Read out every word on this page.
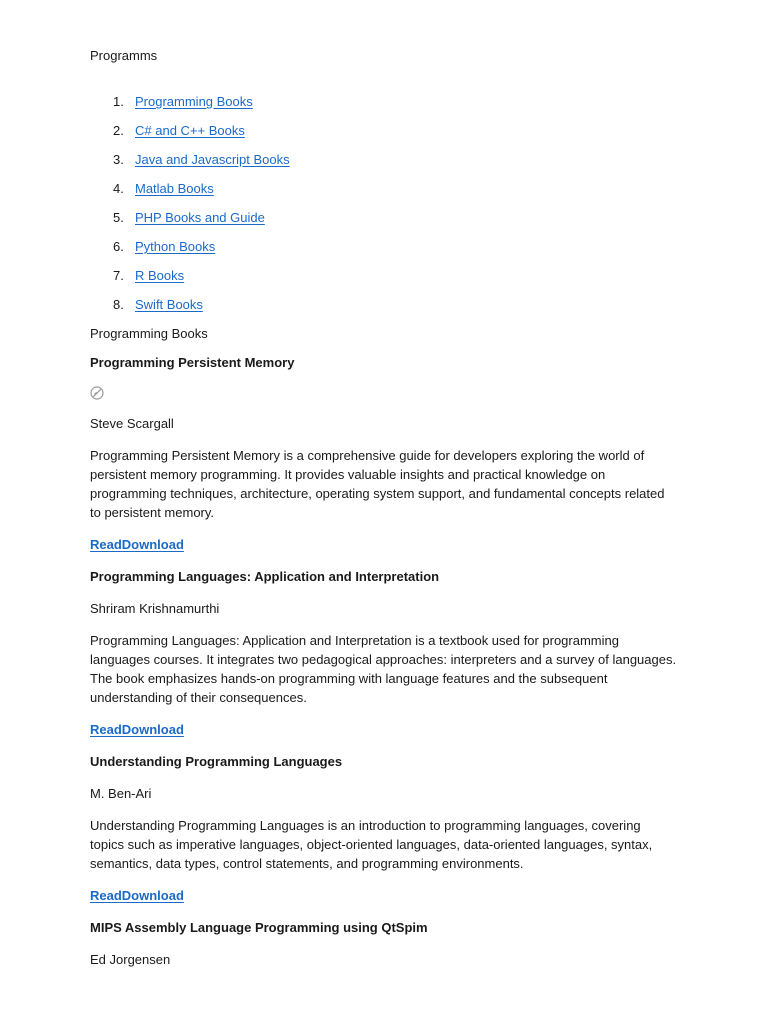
Programms

1. Programming Books
2. C# and C++ Books
3. Java and Javascript Books
4. Matlab Books
5. PHP Books and Guide
6. Python Books
7. R Books
8. Swift Books

Programming Books

Programming Persistent Memory

Steve Scargall

Programming Persistent Memory is a comprehensive guide for developers exploring the world of persistent memory programming. It provides valuable insights and practical knowledge on programming techniques, architecture, operating system support, and fundamental concepts related to persistent memory.

ReadDownload

Programming Languages: Application and Interpretation

Shriram Krishnamurthi

Programming Languages: Application and Interpretation is a textbook used for programming languages courses. It integrates two pedagogical approaches: interpreters and a survey of languages. The book emphasizes hands-on programming with language features and the subsequent understanding of their consequences.

ReadDownload

Understanding Programming Languages

M. Ben-Ari

Understanding Programming Languages is an introduction to programming languages, covering topics such as imperative languages, object-oriented languages, data-oriented languages, syntax, semantics, data types, control statements, and programming environments.

ReadDownload

MIPS Assembly Language Programming using QtSpim

Ed Jorgensen
